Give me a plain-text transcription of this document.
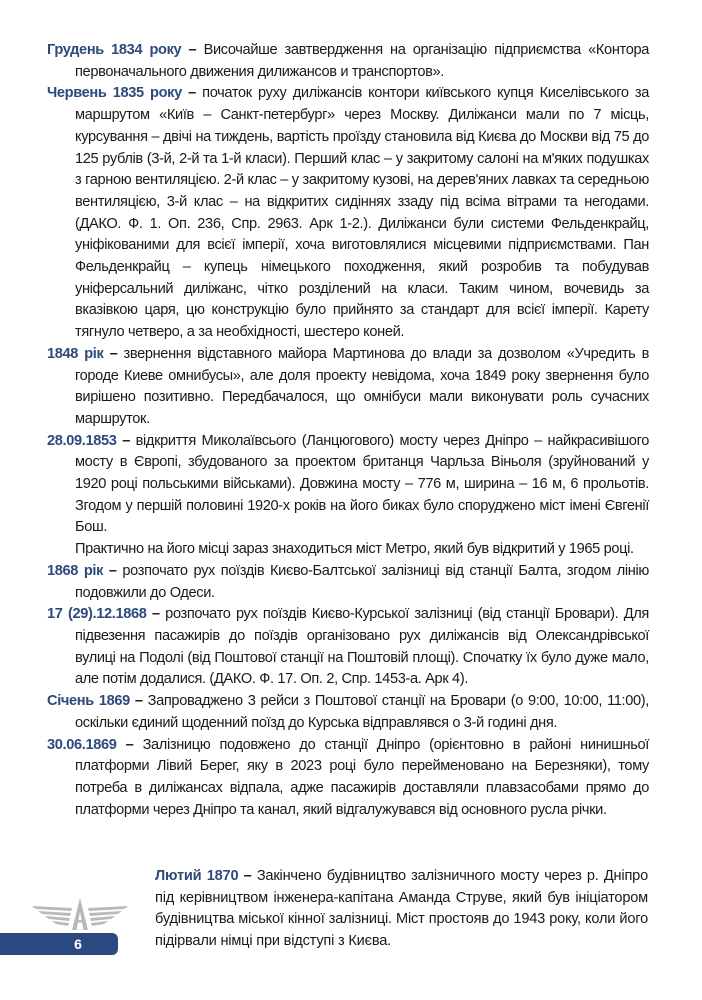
Грудень 1834 року – Височайше завтвердження на організацію підприємства «Контора первоначального движения дилижансов и транспортов».

Червень 1835 року – початок руху диліжансів контори київського купця Киселівського за маршрутом «Київ – Санкт-петербург» через Москву. Диліжанси мали по 7 місць, курсування – двічі на тиждень, вартість проїзду становила від Києва до Москви від 75 до 125 рублів (3-й, 2-й та 1-й класи). Перший клас – у закритому салоні на м'яких подушках з гарною вентиляцією. 2-й клас – у закритому кузові, на дерев'яних лавках та середньою вентиляцією, 3-й клас – на відкритих сидіннях ззаду під всіма вітрами та негодами. (ДАКО. Ф. 1. Оп. 236, Спр. 2963. Арк 1-2.). Диліжанси були системи Фельденкрайц, уніфікованими для всієї імперії, хоча виготовлялися місцевими підприємствами. Пан Фельденкрайц – купець німецького походження, який розробив та побудував уніферсальний диліжанс, чітко розділений на класи. Таким чином, вочевидь за вказівкою царя, цю конструкцію було прийнято за стандарт для всієї імперії. Карету тягнуло четверо, а за необхідності, шестеро коней.

1848 рік – звернення відставного майора Мартинова до влади за дозволом «Учредить в городе Киеве омнибусы», але доля проекту невідома, хоча 1849 року звернення було вирішено позитивно. Передбачалося, що омнібуси мали виконувати роль сучасних маршруток.

28.09.1853 – відкриття Миколаївсього (Ланцюгового) мосту через Дніпро – найкрасивішого мосту в Європі, збудованого за проектом британця Чарльза Віньоля (зруйнований у 1920 році польськими військами). Довжина мосту – 776 м, ширина – 16 м, 6 прольотів. Згодом у першій половині 1920-х років на його биках було споруджено міст імені Євгенії Бош.

Практично на його місці зараз знаходиться міст Метро, який був відкритий у 1965 році.

1868 рік – розпочато рух поїздів Києво-Балтської залізниці від станції Балта, згодом лінію подовжили до Одеси.

17 (29).12.1868 – розпочато рух поїздів Києво-Курської залізниці (від станції Бровари). Для підвезення пасажирів до поїздів організовано рух диліжансів від Олександрівської вулиці на Подолі (від Поштової станції на Поштовій площі). Спочатку їх було дуже мало, але потім додалися. (ДАКО. Ф. 17. Оп. 2, Спр. 1453-а. Арк 4).

Січень 1869 – Запроваджено 3 рейси з Поштової станції на Бровари (о 9:00, 10:00, 11:00), оскільки єдиний щоденний поїзд до Курська відправлявся о 3-й годині дня.

30.06.1869 – Залізницю подовжено до станції Дніпро (орієнтовно в районі нинишньої платформи Лівий Берег, яку в 2023 році було перейменовано на Березняки), тому потреба в диліжансах відпала, адже пасажирів доставляли плавзасобами прямо до платформи через Дніпро та канал, який відгалужувався від основного русла річки.

Лютий 1870 – Закінчено будівництво залізничного мосту через р. Дніпро під керівництвом інженера-капітана Аманда Струве, який був ініціатором будівництва міської кінної залізниці. Міст простояв до 1943 року, коли його підірвали німці при відступі з Києва.

6
